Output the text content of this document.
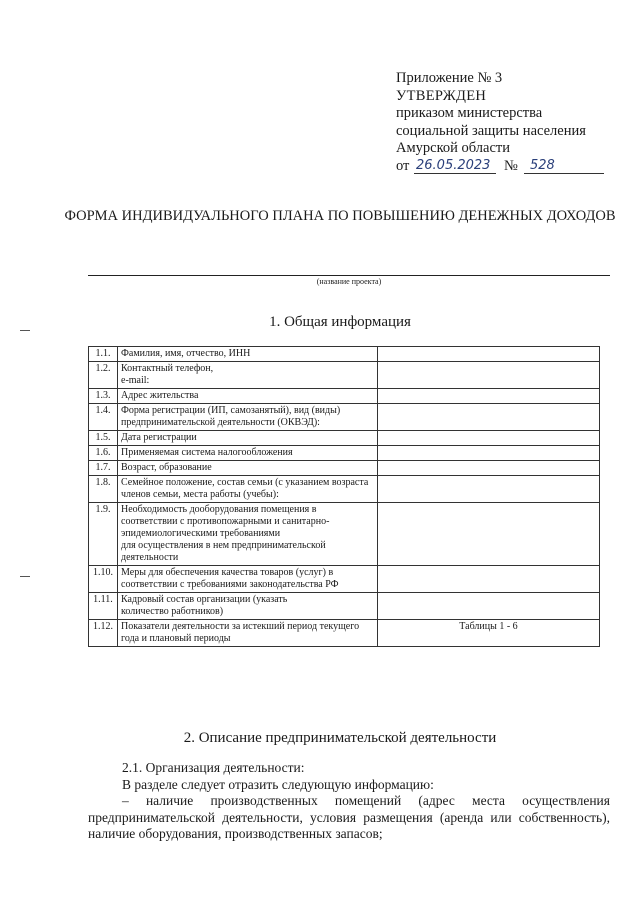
Приложение № 3
УТВЕРЖДЕН
приказом министерства
социальной защиты населения
Амурской области
от 26.05.2023 № 528
ФОРМА ИНДИВИДУАЛЬНОГО ПЛАНА ПО ПОВЫШЕНИЮ ДЕНЕЖНЫХ ДОХОДОВ
(название проекта)
1. Общая информация
1.1.	Фамилия, имя, отчество, ИНН	
1.2.	Контактный телефон,
e-mail:	
1.3.	Адрес жительства	
1.4.	Форма регистрации (ИП, самозанятый), вид (виды) предпринимательской деятельности (ОКВЭД):	
1.5.	Дата регистрации	
1.6.	Применяемая система налогообложения	
1.7.	Возраст, образование	
1.8.	Семейное положение, состав семьи (с указанием возраста членов семьи, места работы (учебы):	
1.9.	Необходимость дооборудования помещения в
соответствии с противопожарными и санитарно-эпидемиологическими требованиями
для осуществления в нем предпринимательской деятельности	
1.10.	Меры для обеспечения качества товаров (услуг) в соответствии с требованиями законодательства РФ	
1.11.	Кадровый состав организации (указать
количество работников)	
1.12.	Показатели деятельности за истекший период текущего года и плановый периоды	Таблицы 1 - 6
2. Описание предпринимательской деятельности

2.1. Организация деятельности:

В разделе следует отразить следующую информацию:

– наличие производственных помещений (адрес места осуществления предпринимательской деятельности, условия размещения (аренда или собственность), наличие оборудования, производственных запасов;
